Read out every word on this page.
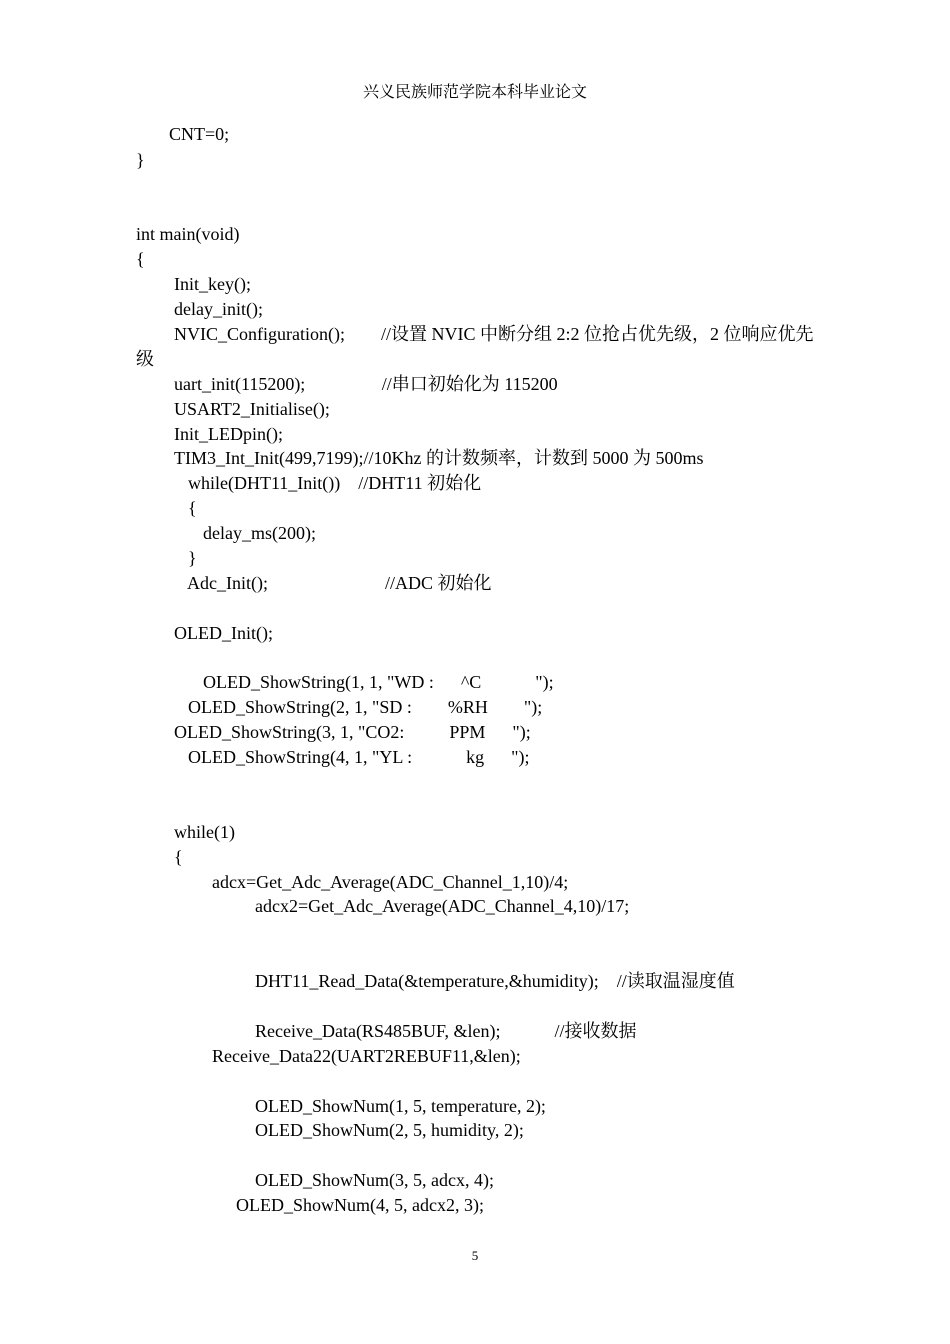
兴义民族师范学院本科毕业论文
CNT=0;
}
int main(void)
{
Init_key();
delay_init();
NVIC_Configuration();        //设置 NVIC 中断分组 2:2 位抢占优先级，2 位响应优先
级
uart_init(115200);                 //串口初始化为 115200
USART2_Initialise();
Init_LEDpin();
TIM3_Int_Init(499,7199);//10Khz 的计数频率，计数到 5000 为 500ms
while(DHT11_Init())    //DHT11 初始化
{
delay_ms(200);
}
Adc_Init();                          //ADC 初始化
OLED_Init();
OLED_ShowString(1, 1, "WD :      ^C            ");
OLED_ShowString(2, 1, "SD :        %RH        ");
OLED_ShowString(3, 1, "CO2:          PPM      ");
OLED_ShowString(4, 1, "YL :            kg      ");
while(1)
{
adcx=Get_Adc_Average(ADC_Channel_1,10)/4;
adcx2=Get_Adc_Average(ADC_Channel_4,10)/17;
DHT11_Read_Data(&temperature,&humidity);    //读取温湿度值
Receive_Data(RS485BUF, &len);            //接收数据
Receive_Data22(UART2REBUF11,&len);
OLED_ShowNum(1, 5, temperature, 2);
OLED_ShowNum(2, 5, humidity, 2);
OLED_ShowNum(3, 5, adcx, 4);
OLED_ShowNum(4, 5, adcx2, 3);
5
